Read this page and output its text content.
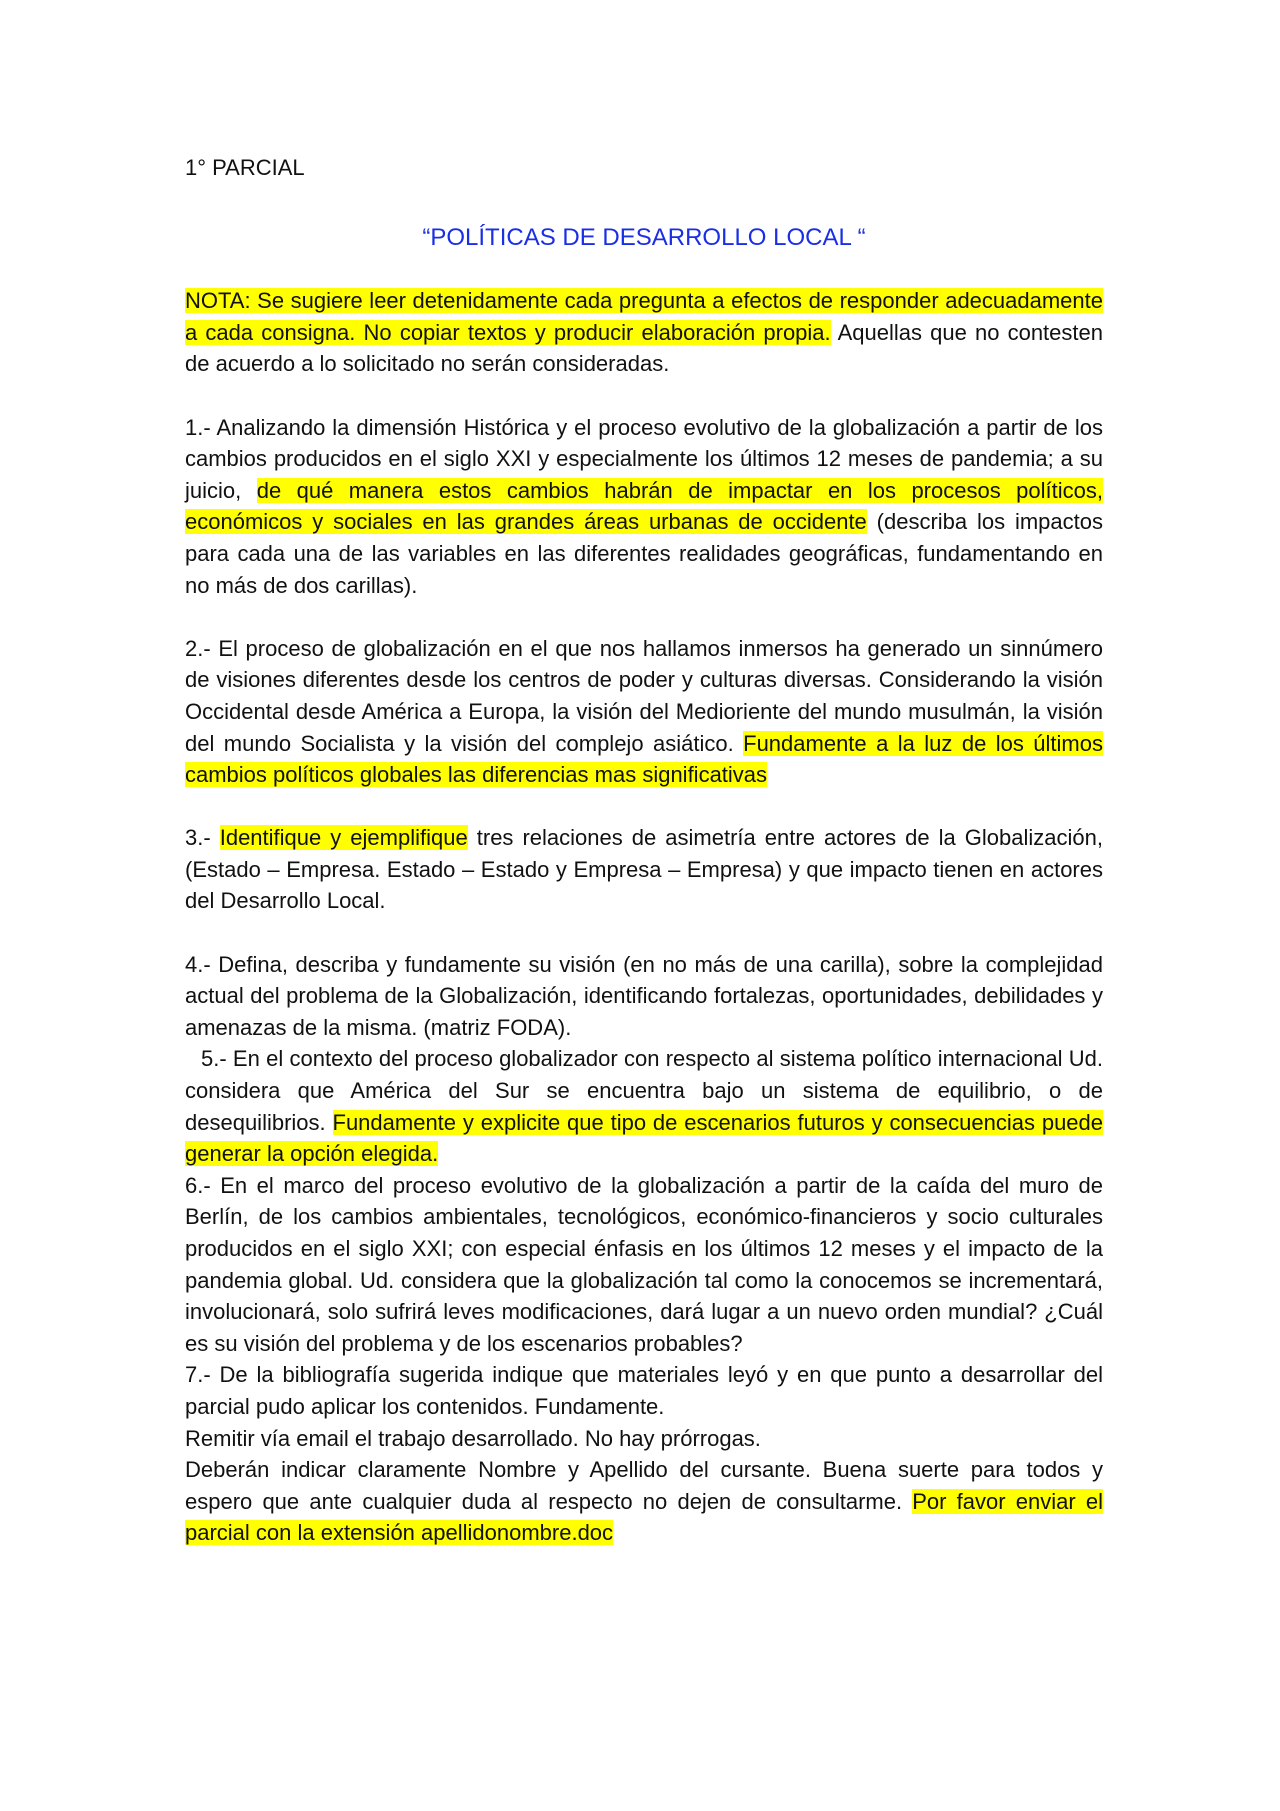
1° PARCIAL

“POLÍTICAS DE DESARROLLO LOCAL “

NOTA: Se sugiere leer detenidamente cada pregunta a efectos de responder adecuadamente a cada consigna. No copiar textos y producir elaboración propia. Aquellas que no contesten de acuerdo a lo solicitado no serán consideradas.

1.- Analizando la dimensión Histórica y el proceso evolutivo de la globalización a partir de los cambios producidos en el siglo XXI y especialmente los últimos 12 meses de pandemia; a su juicio, de qué manera estos cambios habrán de impactar en los procesos políticos, económicos y sociales en las grandes áreas urbanas de occidente (describa los impactos para cada una de las variables en las diferentes realidades geográficas, fundamentando en no más de dos carillas).

2.- El proceso de globalización en el que nos hallamos inmersos ha generado un sinnúmero de visiones diferentes desde los centros de poder y culturas diversas. Considerando la visión Occidental desde América a Europa, la visión del Medioriente del mundo musulmán, la visión del mundo Socialista y la visión del complejo asiático. Fundamente a la luz de los últimos cambios políticos globales las diferencias mas significativas

3.- Identifique y ejemplifique tres relaciones de asimetría entre actores de la Globalización, (Estado – Empresa. Estado – Estado y Empresa – Empresa) y que impacto tienen en actores del Desarrollo Local.

4.- Defina, describa y fundamente su visión (en no más de una carilla), sobre la complejidad actual del problema de la Globalización, identificando fortalezas, oportunidades, debilidades y amenazas de la misma. (matriz FODA).

5.- En el contexto del proceso globalizador con respecto al sistema político internacional Ud. considera que América del Sur se encuentra bajo un sistema de equilibrio, o de desequilibrios. Fundamente y explicite que tipo de escenarios futuros y consecuencias puede generar la opción elegida.

6.- En el marco del proceso evolutivo de la globalización a partir de la caída del muro de Berlín, de los cambios ambientales, tecnológicos, económico-financieros y socio culturales producidos en el siglo XXI; con especial énfasis en los últimos 12 meses y el impacto de la pandemia global. Ud. considera que la globalización tal como la conocemos se incrementará, involucionará, solo sufrirá leves modificaciones, dará lugar a un nuevo orden mundial? ¿Cuál es su visión del problema y de los escenarios probables?

7.- De la bibliografía sugerida indique que materiales leyó y en que punto a desarrollar del parcial pudo aplicar los contenidos. Fundamente.

Remitir vía email el trabajo desarrollado. No hay prórrogas.

Deberán indicar claramente Nombre y Apellido del cursante. Buena suerte para todos y espero que ante cualquier duda al respecto no dejen de consultarme. Por favor enviar el parcial con la extensión apellidonombre.doc
